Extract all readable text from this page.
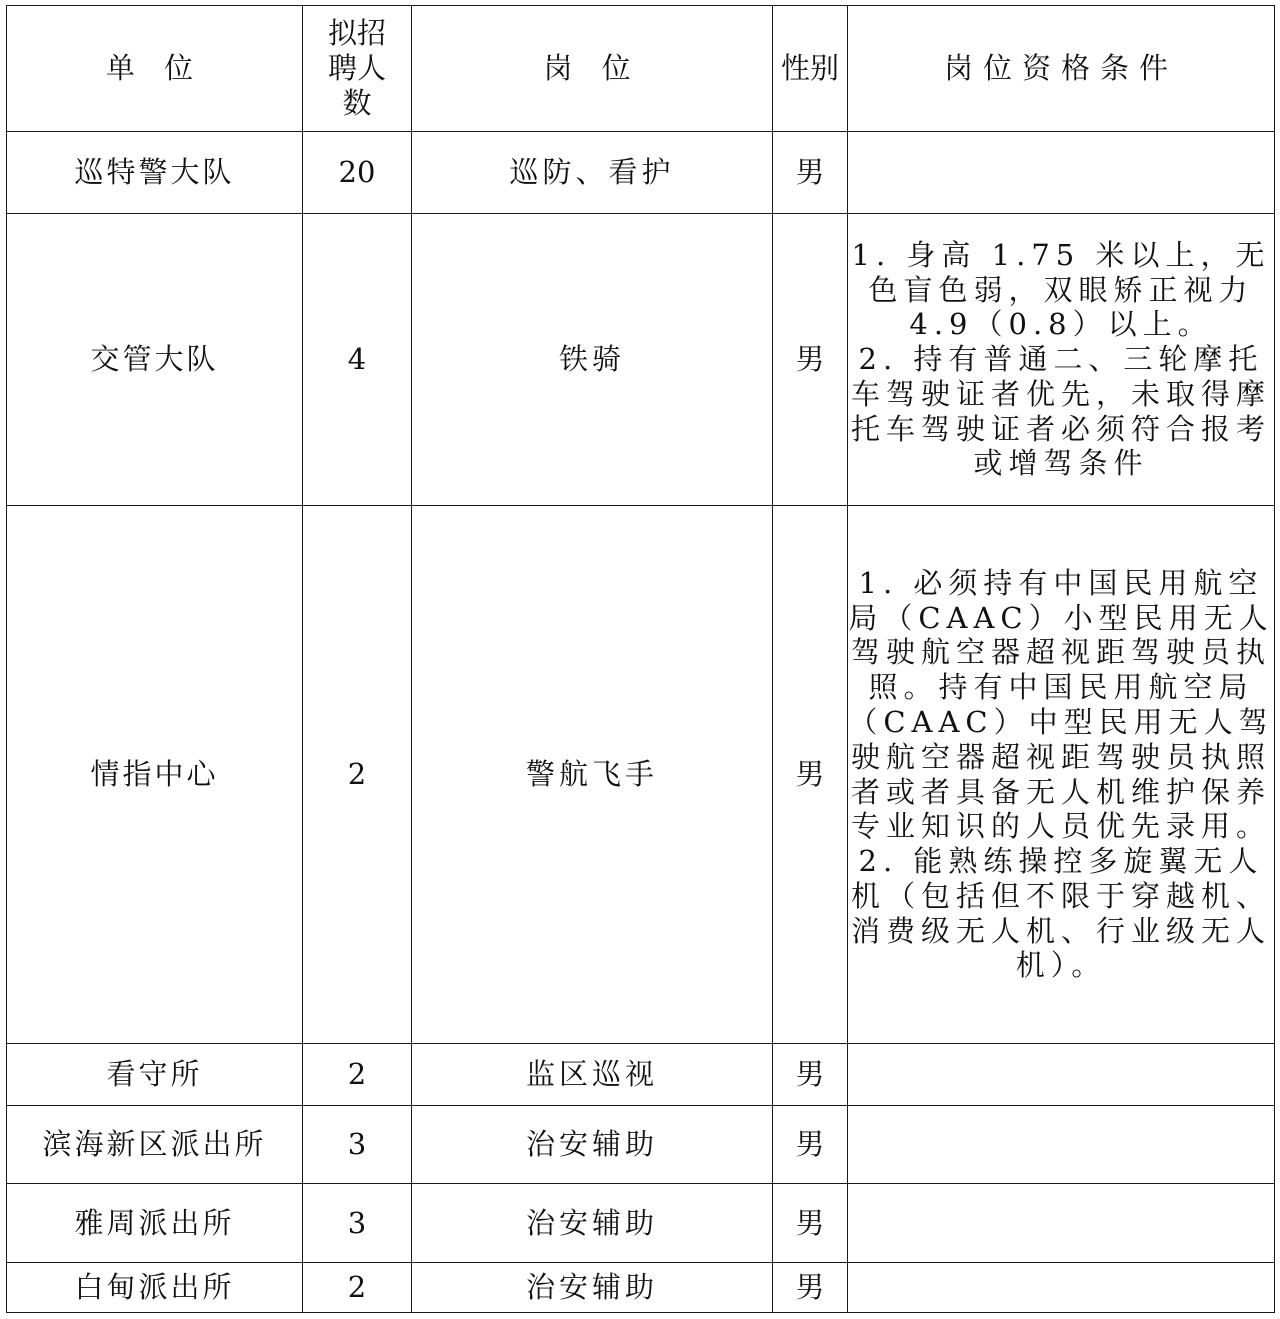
单 位	拟招聘人数	岗 位	性别	岗位资格条件
巡特警大队	20	巡防、看护	男	
交管大队	4	铁骑	男	1. 身高 1.75 米以上，无色盲色弱，双眼矫正视力 4.9（0.8）以上。
2. 持有普通二、三轮摩托车驾驶证者优先，未取得摩托车驾驶证者必须符合报考或增驾条件

情指中心	2	警航飞手	男	1. 必须持有中国民用航空局（CAAC）小型民用无人驾驶航空器超视距驾驶员执照。持有中国民用航空局（CAAC）中型民用无人驾驶航空器超视距驾驶员执照者或者具备无人机维护保养专业知识的人员优先录用。
2. 能熟练操控多旋翼无人机（包括但不限于穿越机、消费级无人机、行业级无人机）。

看守所	2	监区巡视	男	
滨海新区派出所	3	治安辅助	男	
雅周派出所	3	治安辅助	男	
白甸派出所	2	治安辅助	男	
